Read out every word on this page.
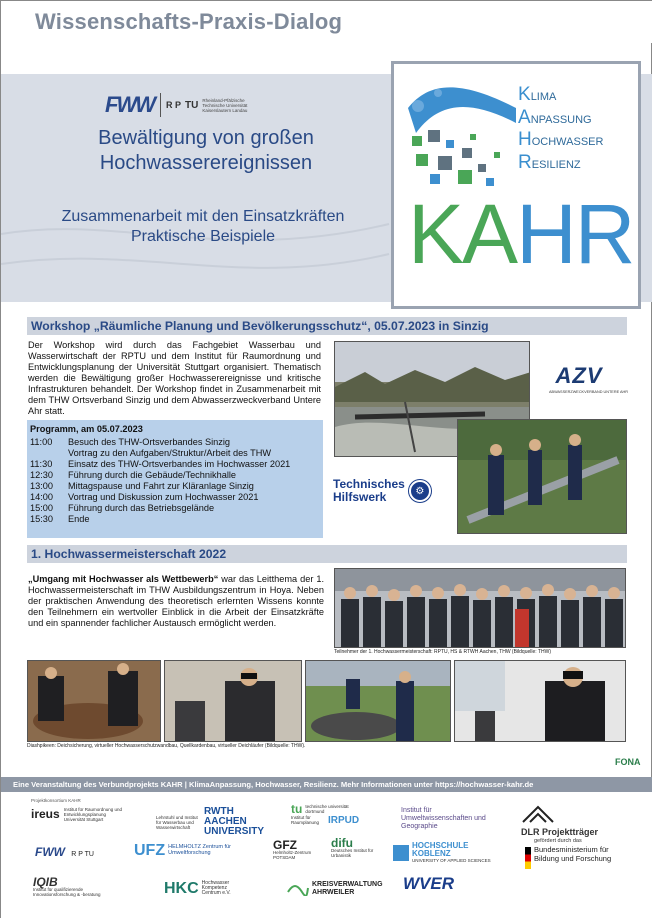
Wissenschafts-Praxis-Dialog
FWW R P TU Rheinland-Pfälzische Technische Universität Kaiserslautern Landau
Bewältigung von großen Hochwasserereignissen
Zusammenarbeit mit den Einsatzkräften Praktische Beispiele
Klima
Anpassung
Hochwasser
Resilienz
KAHR
Workshop „Räumliche Planung und Bevölkerungsschutz“, 05.07.2023 in Sinzig
Der Workshop wird durch das Fachgebiet Wasserbau und Wasserwirtschaft der RPTU und dem Institut für Raumordnung und Entwicklungsplanung der Universität Stuttgart organisiert. Thematisch werden die Bewältigung großer Hochwasserereignisse und kritische Infrastrukturen behandelt. Der Workshop findet in Zusammenarbeit mit dem THW Ortsverband Sinzig und dem Abwasserzweckverband Untere Ahr statt.
Programm, am 05.07.2023
11:00	Besuch des THW-Ortsverbandes Sinzig
Vortrag zu den Aufgaben/Struktur/Arbeit des THW
11:30	Einsatz des THW-Ortsverbandes im Hochwasser 2021
12:30	Führung durch die Gebäude/Technikhalle
13:00	Mittagspause und Fahrt zur Kläranlage Sinzig
14:00	Vortrag und Diskussion zum Hochwasser 2021
15:00	Führung durch das Betriebsgelände
15:30	Ende
AZV
ABWASSERZWECKVERBAND UNTERE AHR
Technisches
Hilfswerk	⚙
1. Hochwassermeisterschaft 2022
„Umgang mit Hochwasser als Wettbewerb“ war das Leitthema der 1. Hochwassermeisterschaft im THW Ausbildungszentrum in Hoya. Neben der praktischen Anwendung des theoretisch erlernten Wissens konnte den Teilnehmern ein wertvoller Einblick in die Arbeit der Einsatzkräfte und ein spannender fachlicher Austausch ermöglicht werden.
Teilnehmer der 1. Hochwassermeisterschaft: RPTU, HS & RTWH Aachen, THW (Bildquelle: THW)
Diashpikeen: Deichsicherung, virtueller Hochwasserschutzwandbau, Quellkardenbau, virtueller Deichläufer (Bildquelle: THW).
FONA
Eine Veranstaltung des Verbundprojekts KAHR | KlimaAnpassung, Hochwasser, Resilienz. Mehr Informationen unter https://hochwasser-kahr.de
Projektkonsortium KAHR
ireus Institut für Raumordnung und Entwicklungsplanung Universität Stuttgart	Lehrstuhl und Institut für Wasserbau und Wasserwirtschaft
RWTH AACHEN UNIVERSITY
tu technische universität dortmund
Institut für Raumplanung IRPUD
Institut für Umweltwissenschaften und Geographie
DLR Projektträger
FWW R P TU	UFZ HELMHOLTZ Zentrum für Umweltforschung
GFZ
Helmholtz-Zentrum POTSDAM
difu
Deutsches Institut für Urbanistik
HOCHSCHULE KOBLENZ
UNIVERSITY OF APPLIED SCIENCES
gefördert durch das
Bundesministerium für Bildung und Forschung
IQIB
Institut für qualifizierende Innovationsforschung & -beratung	HKC Hochwasser Kompetenz Centrum e.V.
KREISVERWALTUNG AHRWEILER	WVER
